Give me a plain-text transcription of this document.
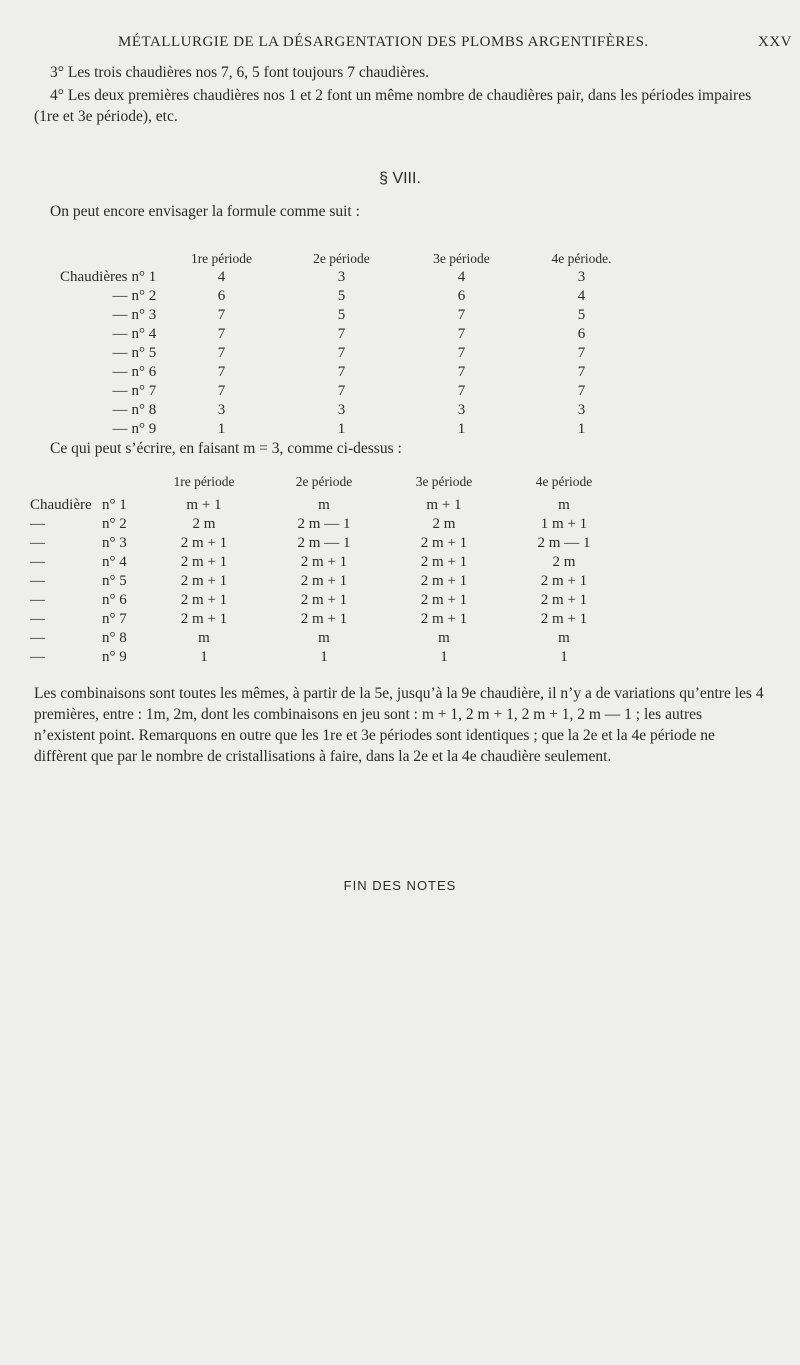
MÉTALLURGIE DE LA DÉSARGENTATION DES PLOMBS ARGENTIFÈRES.	XXV
3° Les trois chaudières nos 7, 6, 5 font toujours 7 chaudières.
4° Les deux premières chaudières nos 1 et 2 font un même nombre de chaudières pair, dans les périodes impaires (1re et 3e période), etc.
§ VIII.
On peut encore envisager la formule comme suit :
		1re période	2e période	3e période	4e période.
Chaudières	n° 1	4	3	4	3
—	n° 2	6	5	6	4
—	n° 3	7	5	7	5
—	n° 4	7	7	7	6
—	n° 5	7	7	7	7
—	n° 6	7	7	7	7
—	n° 7	7	7	7	7
—	n° 8	3	3	3	3
—	n° 9	1	1	1	1
Ce qui peut s’écrire, en faisant m = 3, comme ci-dessus :
		1re période	2e période	3e période	4e période
Chaudière	n° 1	m + 1	m	m + 1	m
—	n° 2	2 m	2 m — 1	2 m	1 m + 1
—	n° 3	2 m + 1	2 m — 1	2 m + 1	2 m — 1
—	n° 4	2 m + 1	2 m + 1	2 m + 1	2 m
—	n° 5	2 m + 1	2 m + 1	2 m + 1	2 m + 1
—	n° 6	2 m + 1	2 m + 1	2 m + 1	2 m + 1
—	n° 7	2 m + 1	2 m + 1	2 m + 1	2 m + 1
—	n° 8	m	m	m	m
—	n° 9	1	1	1	1
Les combinaisons sont toutes les mêmes, à partir de la 5e, jusqu’à la 9e chaudière, il n’y a de variations qu’entre les 4 premières, entre : 1m, 2m, dont les combinaisons en jeu sont : m + 1, 2 m + 1, 2 m + 1, 2 m — 1 ; les autres n’existent point. Remarquons en outre que les 1re et 3e périodes sont identiques ; que la 2e et la 4e période ne diffèrent que par le nombre de cristallisations à faire, dans la 2e et la 4e chaudière seulement.
FIN DES NOTES
